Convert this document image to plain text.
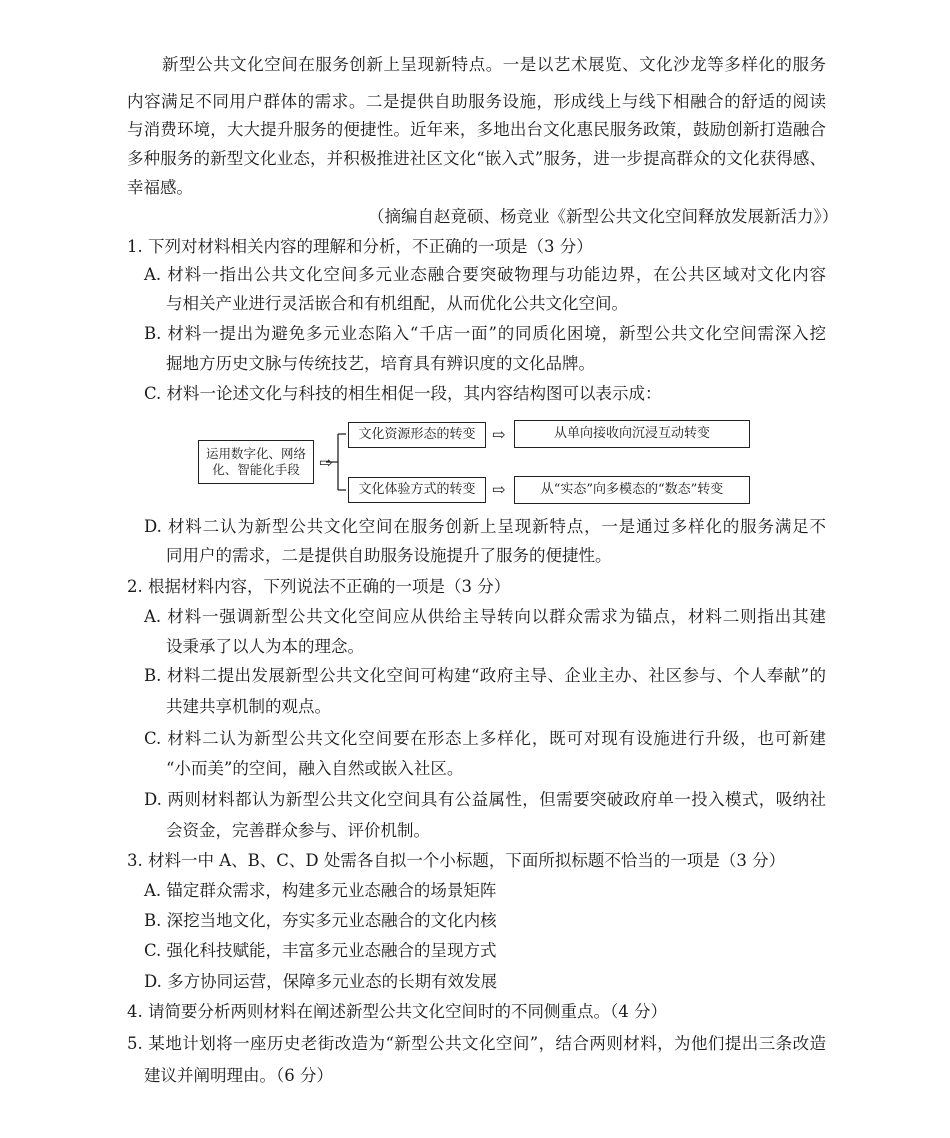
新型公共文化空间在服务创新上呈现新特点。一是以艺术展览、文化沙龙等多样化的服务

内容满足不同用户群体的需求。二是提供自助服务设施，形成线上与线下相融合的舒适的阅读

与消费环境，大大提升服务的便捷性。近年来，多地出台文化惠民服务政策，鼓励创新打造融合

多种服务的新型文化业态，并积极推进社区文化“嵌入式”服务，进一步提高群众的文化获得感、

幸福感。

（摘编自赵竟硕、杨竞业《新型公共文化空间释放发展新活力》）

1. 下列对材料相关内容的理解和分析，不正确的一项是（3 分）

A. 材料一指出公共文化空间多元业态融合要突破物理与功能边界，在公共区域对文化内容

与相关产业进行灵活嵌合和有机组配，从而优化公共文化空间。

B. 材料一提出为避免多元业态陷入“千店一面”的同质化困境，新型公共文化空间需深入挖

掘地方历史文脉与传统技艺，培育具有辨识度的文化品牌。

C. 材料一论述文化与科技的相生相促一段，其内容结构图可以表示成：

运用数字化、网络化、智能化手段	⇨
文化资源形态的转变	⇨	从单向接收向沉浸互动转变
文化体验方式的转变	⇨	从“实态”向多模态的“数态”转变

D. 材料二认为新型公共文化空间在服务创新上呈现新特点，一是通过多样化的服务满足不

同用户的需求，二是提供自助服务设施提升了服务的便捷性。

2. 根据材料内容，下列说法不正确的一项是（3 分）

A. 材料一强调新型公共文化空间应从供给主导转向以群众需求为锚点，材料二则指出其建

设秉承了以人为本的理念。

B. 材料二提出发展新型公共文化空间可构建“政府主导、企业主办、社区参与、个人奉献”的

共建共享机制的观点。

C. 材料二认为新型公共文化空间要在形态上多样化，既可对现有设施进行升级，也可新建

“小而美”的空间，融入自然或嵌入社区。

D. 两则材料都认为新型公共文化空间具有公益属性，但需要突破政府单一投入模式，吸纳社

会资金，完善群众参与、评价机制。

3. 材料一中 A、B、C、D 处需各自拟一个小标题，下面所拟标题不恰当的一项是（3 分）

A. 锚定群众需求，构建多元业态融合的场景矩阵

B. 深挖当地文化，夯实多元业态融合的文化内核

C. 强化科技赋能，丰富多元业态融合的呈现方式

D. 多方协同运营，保障多元业态的长期有效发展

4. 请简要分析两则材料在阐述新型公共文化空间时的不同侧重点。（4 分）

5. 某地计划将一座历史老街改造为“新型公共文化空间”，结合两则材料，为他们提出三条改造

建议并阐明理由。（6 分）
